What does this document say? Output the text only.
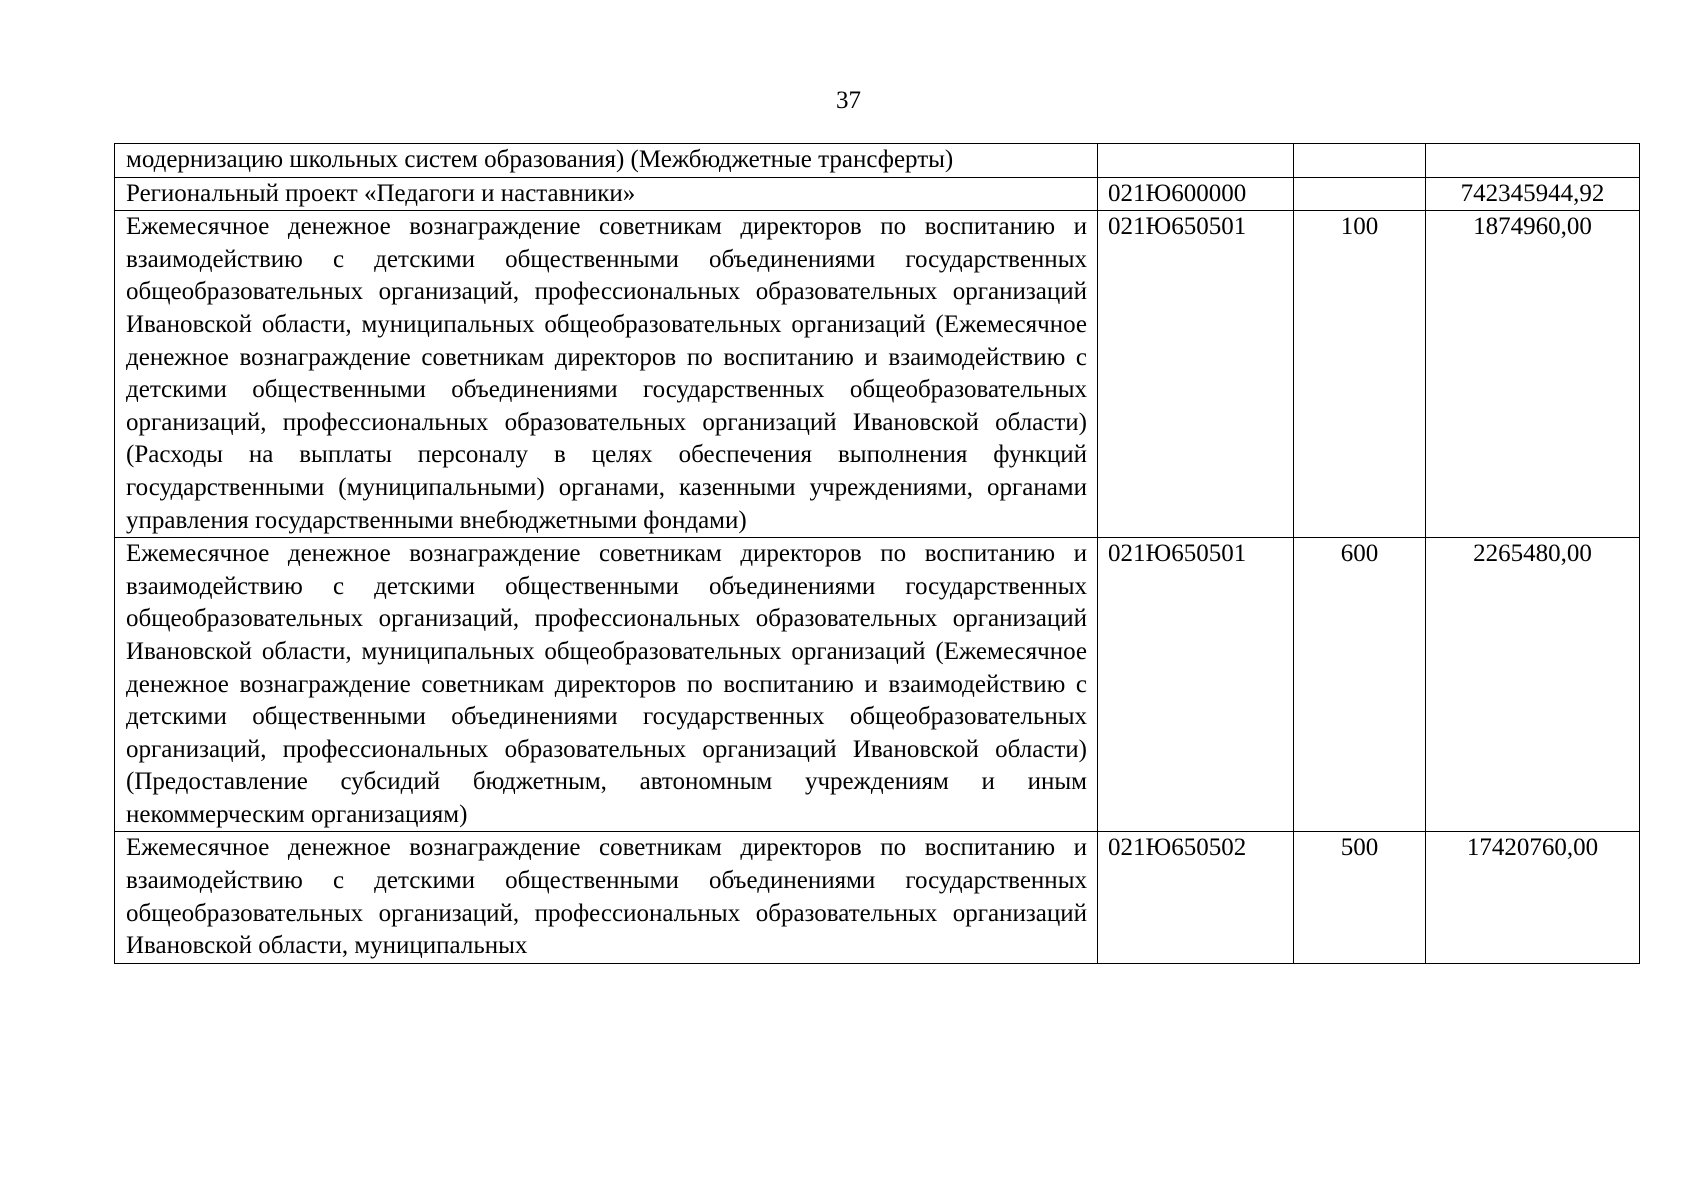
37
модернизацию школьных систем образования) (Межбюджетные трансферты)			

Региональный проект «Педагоги и наставники»	021Ю600000		742345944,92

Ежемесячное денежное вознаграждение советникам директоров по воспитанию и взаимодействию с детскими общественными объединениями государственных общеобразовательных организаций, профессиональных образовательных организаций Ивановской области, муниципальных общеобразовательных организаций (Ежемесячное денежное вознаграждение советникам директоров по воспитанию и взаимодействию с детскими общественными объединениями государственных общеобразовательных организаций, профессиональных образовательных организаций Ивановской области) (Расходы на выплаты персоналу в целях обеспечения выполнения функций государственными (муниципальными) органами, казенными учреждениями, органами управления государственными внебюджетными фондами)	021Ю650501	100	1874960,00

Ежемесячное денежное вознаграждение советникам директоров по воспитанию и взаимодействию с детскими общественными объединениями государственных общеобразовательных организаций, профессиональных образовательных организаций Ивановской области, муниципальных общеобразовательных организаций (Ежемесячное денежное вознаграждение советникам директоров по воспитанию и взаимодействию с детскими общественными объединениями государственных общеобразовательных организаций, профессиональных образовательных организаций Ивановской области) (Предоставление субсидий бюджетным, автономным учреждениям и иным некоммерческим организациям)	021Ю650501	600	2265480,00

Ежемесячное денежное вознаграждение советникам директоров по воспитанию и взаимодействию с детскими общественными объединениями государственных общеобразовательных организаций, профессиональных образовательных организаций Ивановской области, муниципальных	021Ю650502	500	17420760,00
